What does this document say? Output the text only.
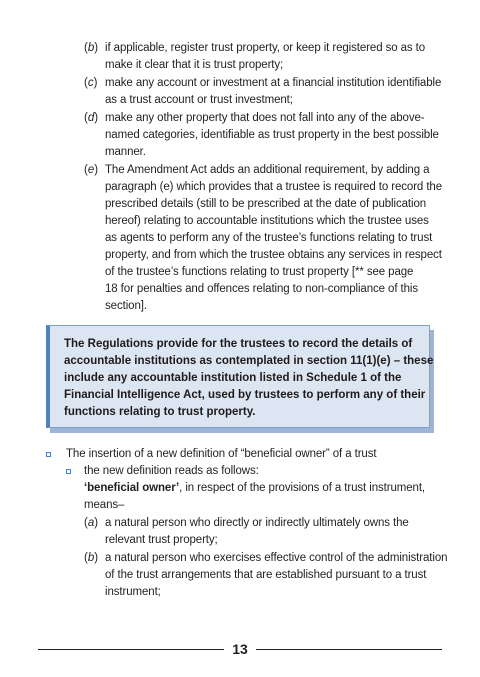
(b) if applicable, register trust property, or keep it registered so as to
make it clear that it is trust property;
(c) make any account or investment at a financial institution identifiable
as a trust account or trust investment;
(d) make any other property that does not fall into any of the above-
named categories, identifiable as trust property in the best possible
manner.
(e) The Amendment Act adds an additional requirement, by adding a
paragraph (e) which provides that a trustee is required to record the
prescribed details (still to be prescribed at the date of publication
hereof) relating to accountable institutions which the trustee uses
as agents to perform any of the trustee’s functions relating to trust
property, and from which the trustee obtains any services in respect
of the trustee’s functions relating to trust property [** see page
18 for penalties and offences relating to non-compliance of this
section].
The Regulations provide for the trustees to record the details of
accountable institutions as contemplated in section 11(1)(e) – these
include any accountable institution listed in Schedule 1 of the
Financial Intelligence Act, used by trustees to perform any of their
functions relating to trust property.
The insertion of a new definition of “beneficial owner” of a trust
the new definition reads as follows:
‘beneficial owner’, in respect of the provisions of a trust instrument,
means–
(a) a natural person who directly or indirectly ultimately owns the
relevant trust property;
(b) a natural person who exercises effective control of the administration
of the trust arrangements that are established pursuant to a trust
instrument;
13
